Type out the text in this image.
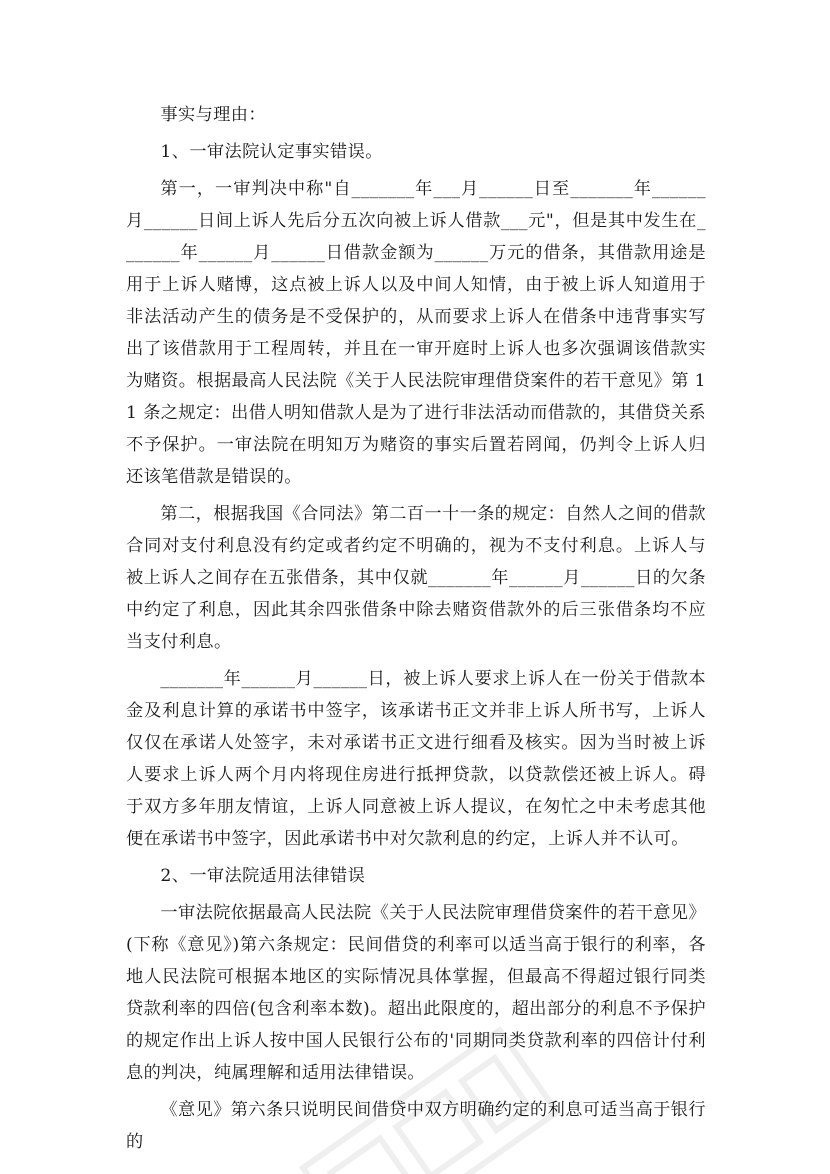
事实与理由：

1、一审法院认定事实错误。

第一，一审判决中称"自_______年___月______日至_______年______月______日间上诉人先后分五次向被上诉人借款___元"，但是其中发生在_______年______月______日借款金额为______万元的借条，其借款用途是用于上诉人赌博，这点被上诉人以及中间人知情，由于被上诉人知道用于非法活动产生的债务是不受保护的，从而要求上诉人在借条中违背事实写出了该借款用于工程周转，并且在一审开庭时上诉人也多次强调该借款实为赌资。根据最高人民法院《关于人民法院审理借贷案件的若干意见》第 11 条之规定：出借人明知借款人是为了进行非法活动而借款的，其借贷关系不予保护。一审法院在明知万为赌资的事实后置若罔闻，仍判令上诉人归还该笔借款是错误的。

第二，根据我国《合同法》第二百一十一条的规定：自然人之间的借款合同对支付利息没有约定或者约定不明确的，视为不支付利息。上诉人与被上诉人之间存在五张借条，其中仅就_______年______月______日的欠条中约定了利息，因此其余四张借条中除去赌资借款外的后三张借条均不应当支付利息。

_______年______月______日，被上诉人要求上诉人在一份关于借款本金及利息计算的承诺书中签字，该承诺书正文并非上诉人所书写，上诉人仅仅在承诺人处签字，未对承诺书正文进行细看及核实。因为当时被上诉人要求上诉人两个月内将现住房进行抵押贷款，以贷款偿还被上诉人。碍于双方多年朋友情谊，上诉人同意被上诉人提议，在匆忙之中未考虑其他便在承诺书中签字，因此承诺书中对欠款利息的约定，上诉人并不认可。

2、一审法院适用法律错误

一审法院依据最高人民法院《关于人民法院审理借贷案件的若干意见》(下称《意见》)第六条规定：民间借贷的利率可以适当高于银行的利率，各地人民法院可根据本地区的实际情况具体掌握，但最高不得超过银行同类贷款利率的四倍(包含利率本数)。超出此限度的，超出部分的利息不予保护的规定作出上诉人按中国人民银行公布的'同期同类贷款利率的四倍计付利息的判决，纯属理解和适用法律错误。

《意见》第六条只说明民间借贷中双方明确约定的利息可适当高于银行的
